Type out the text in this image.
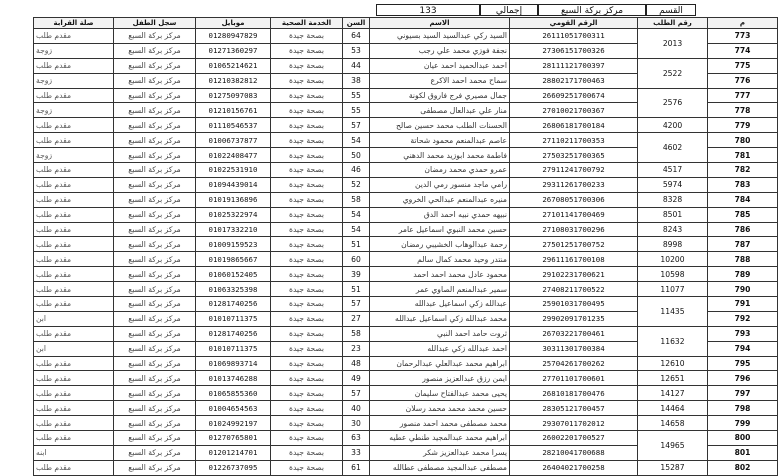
133	إجمالي	مركز بركة السبع	القسم
صلة القرابة	سجل الطفل	موبايل	الخدمة الصحية	السن	الاسم	الرقم القومي	رقم الطلب	م
مقدم طلب	مركز بركة السبع	01280947829	بصحة جيدة	64	السيد ركي عبدالسيد السيد بسيوني	26111051700311	2013	773
زوجة	مركز بركة السبع	01271360297	بصحة جيدة	53	نجفة فوزي محمد علي رجب	27306151700326		774
مقدم طلب	مركز بركة السبع	01065214621	بصحة جيدة	44	احمد عبدالحميد احمد عيان	28111121700397	2522	775
زوجة	مركز بركة السبع	01210382812	بصحة جيدة	38	سماح محمد احمد الاكرع	28802171700463		776
مقدم طلب	مركز بركة السبع	01275097083	بصحة جيدة	55	جمال مصيري فرج فاروق لكونة	26609251700674	2576	777
زوجة	مركز بركة السبع	01210156761	بصحة جيدة	55	منار علي عبدالعال مصطفى	27010021700367		778
مقدم طلب	مركز بركة السبع	01110546537	بصحة جيدة	57	الحسنات الطلب محمد حسين صالح	26806181700184	4200	779
مقدم طلب	مركز بركة السبع	01006737877	بصحة جيدة	54	عاصم عبدالمنعم محمود شحاتة	27110211700353	4602	780
زوجة	مركز بركة السبع	01022408477	بصحة جيدة	50	فاطمة محمد ابوزيد محمد الدهني	27503251700365		781
مقدم طلب	مركز بركة السبع	01022531910	بصحة جيدة	46	عمرو حمدي محمد رمضان	27911241700792	4517	782
مقدم طلب	مركز بركة السبع	01094439014	بصحة جيدة	52	رامي ماجد منسور رمي الدين	29311261700233	5974	783
مقدم طلب	مركز بركة السبع	01019136896	بصحة جيدة	58	منيره عبدالمنعم عبدالحي الخروي	26708051700306	8328	784
مقدم طلب	مركز بركة السبع	01025322974	بصحة جيدة	54	نبيهه حمدي نبيه احمد الدق	27101141700469	8501	785
مقدم طلب	مركز بركة السبع	01017332210	بصحة جيدة	54	حسين محمد النبوي اسماعيل عامر	27108031700296	8243	786
مقدم طلب	مركز بركة السبع	01009159523	بصحة جيدة	51	رحمة عبدالوهاب الخشيبي رمضان	27501251700752	8998	787
مقدم طلب	مركز بركة السبع	01019865667	بصحة جيدة	60	منتدر وحيد محمد كمال سالم	29611161700108	10200	788
مقدم طلب	مركز بركة السبع	01060152405	بصحة جيدة	39	محمود عادل محمد احمد احمد	29102231700621	10598	789
مقدم طلب	مركز بركة السبع	01063325398	بصحة جيدة	51	سمير عبدالمنعم الصاوي عمر	27408211700522	11077	790
مقدم طلب	مركز بركة السبع	01281740256	بصحة جيدة	57	عبدالله زكي اسماعيل عبدالله	25901031700495	11435	791
ابن	مركز بركة السبع	01010711375	بصحة جيدة	27	محمد عبدالله زكي اسماعيل عبدالله	29902091701235		792
مقدم طلب	مركز بركة السبع	01281740256	بصحة جيدة	58	ثروت حامد احمد النبي	26703221700461	11632	793
ابن	مركز بركة السبع	01010711375	بصحة جيدة	23	احمد عبدالله زكي عبدالله	30311301700384		794
مقدم طلب	مركز بركة السبع	01069893714	بصحة جيدة	48	ابراهيم محمد عبدالعلي عبدالرحمان	25704261700262	12610	795
مقدم طلب	مركز بركة السبع	01013746288	بصحة جيدة	49	ايمن رزق عبدالعزيز منصور	27701101700601	12651	796
مقدم طلب	مركز بركة السبع	01065855360	بصحة جيدة	57	يحيى محمد عبدالفتاح سليمان	26810181700476	14127	797
مقدم طلب	مركز بركة السبع	01004654563	بصحة جيدة	40	حسين محمد محمد محمد رسلان	28305121700457	14464	798
مقدم طلب	مركز بركة السبع	01024992197	بصحة جيدة	30	محمد مصطفى محمد احمد منصور	29307011702012	14658	799
مقدم طلب	مركز بركة السبع	01270765801	بصحة جيدة	63	ابراهيم محمد عبدالمجيد طنطي عطيه	26002201700527	14965	800
ابنه	مركز بركة السبع	01201214701	بصحة جيدة	33	يسرا محمد عبدالعزيز شكر	28210041700688		801
مقدم طلب	مركز بركة السبع	01226737095	بصحة جيدة	61	مصطفى عبدالمجيد مصطفى عطالله	26404021700258	15287	802
